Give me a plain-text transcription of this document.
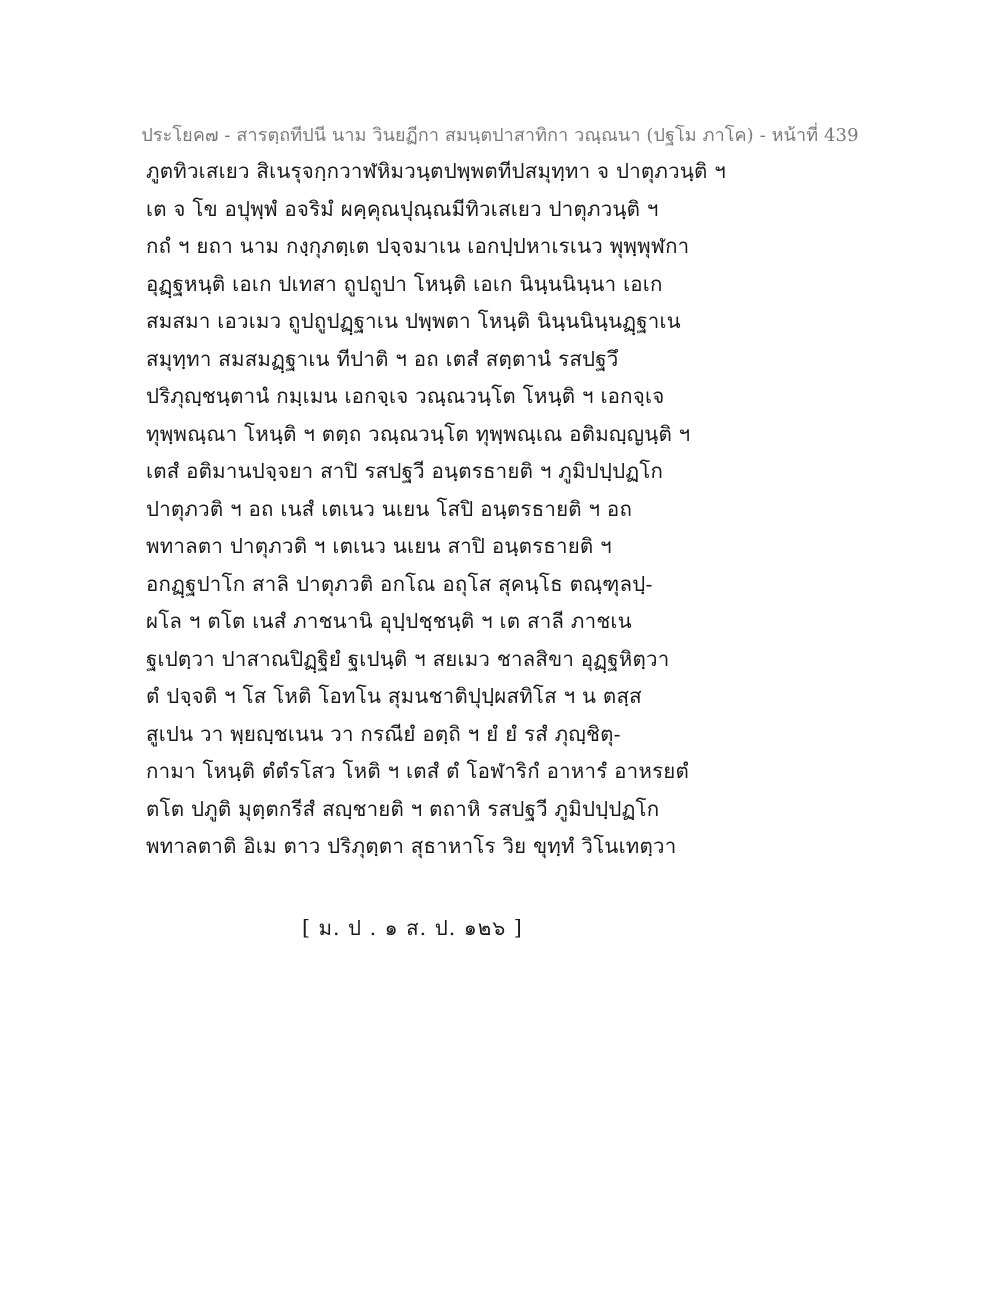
ประโยค๗ - สารตฺถทีปนี นาม วินยฏีกา สมนฺตปาสาทิกา วณฺณนา (ปฐโม ภาโค) - หน้าที่ 439
ภูตทิวเสเยว สิเนรุจกฺกวาฬหิมวนฺตปพฺพตทีปสมุทฺทา จ ปาตุภวนฺติ ฯ
เต จ โข อปุพฺพํ อจริมํ ผคฺคุณปุณฺณมีทิวเสเยว ปาตุภวนฺติ ฯ
กถํ ฯ ยถา นาม กงฺกุภตฺเต ปจฺจมาเน เอกปฺปหาเรเนว พุพฺพุฬกา
อุฏฺฐหนฺติ เอเก ปเทสา ถูปถูปา โหนฺติ เอเก นินฺนนินฺนา เอเก
สมสมา เอวเมว ถูปถูปฏฺฐาเน ปพฺพตา โหนฺติ นินฺนนินฺนฏฺฐาเน
สมุทฺทา สมสมฏฺฐาเน ทีปาติ ฯ อถ เตสํ สตฺตานํ รสปฐวึ
ปริภุญฺชนฺตานํ กมฺเมน เอกจฺเจ วณฺณวนฺโต โหนฺติ ฯ เอกจฺเจ
ทุพฺพณฺณา โหนฺติ ฯ ตตฺถ วณฺณวนฺโต ทุพฺพณฺเณ อติมญฺญนฺติ ฯ
เตสํ อติมานปจฺจยา สาปิ รสปฐวี อนฺตรธายติ ฯ ภูมิปปฺปฏโก
ปาตุภวติ ฯ อถ เนสํ เตเนว นเยน โสปิ อนฺตรธายติ ฯ อถ
พทาลตา ปาตุภวติ ฯ เตเนว นเยน สาปิ อนฺตรธายติ ฯ
อกฏฺฐปาโก สาลิ ปาตุภวติ อกโณ อถุโส สุคนฺโธ ตณฺฑุลปฺ-
ผโล ฯ ตโต เนสํ ภาชนานิ อุปฺปชฺชนฺติ ฯ เต สาลี ภาชเน
ฐเปตฺวา ปาสาณปิฏฺฐิยํ ฐเปนฺติ ฯ สยเมว ชาลสิขา อุฏฺฐหิตฺวา
ตํ ปจฺจติ ฯ โส โหติ โอทโน สุมนชาติปุปฺผสทิโส ฯ น ตสฺส
สูเปน วา พฺยญฺชเนน วา กรณียํ อตฺถิ ฯ ยํ ยํ รสํ ภุญฺชิตุ-
กามา โหนฺติ ตํตํรโสว โหติ ฯ เตสํ ตํ โอฬาริกํ อาหารํ อาหรยตํ
ตโต ปภูติ มุตฺตกรีสํ สญฺชายติ ฯ ตถาหิ รสปฐวี ภูมิปปฺปฏโก
พทาลตาติ อิเม ตาว ปริภุตฺตา สุธาหาโร วิย ขุทฺทํ วิโนเทตฺวา
[ ม. ป . ๑ ส. ป. ๑๒๖ ]
